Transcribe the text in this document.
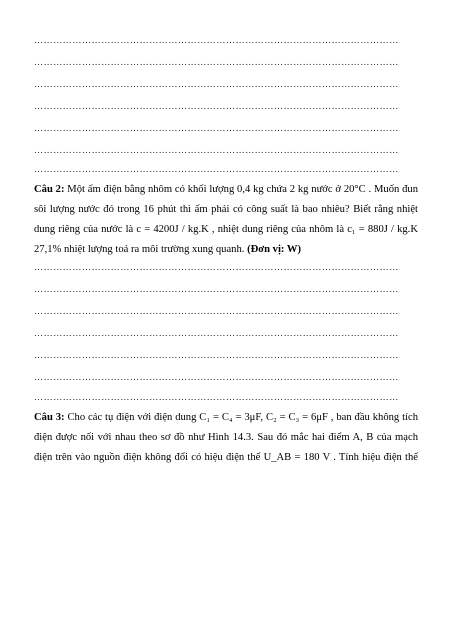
……………………………………………………………………………………………………
……………………………………………………………………………………………………
……………………………………………………………………………………………………
……………………………………………………………………………………………………
……………………………………………………………………………………………………
……………………………………………………………………………………………………
……………………………………………………………………………………………………
Câu 2: Một ấm điện bằng nhôm có khối lượng 0,4 kg chứa 2 kg nước ở 20°C . Muốn đun
sôi lượng nước đó trong 16 phút thì ấm phải có công suất là bao nhiêu? Biết rằng nhiệt
dung riêng của nước là c = 4200J / kg.K , nhiệt dung riêng của nhôm là c₁ = 880J / kg.K
27,1% nhiệt lượng toả ra môi trường xung quanh. (Đơn vị: W)
……………………………………………………………………………………………………
……………………………………………………………………………………………………
……………………………………………………………………………………………………
……………………………………………………………………………………………………
……………………………………………………………………………………………………
……………………………………………………………………………………………………
……………………………………………………………………………………………………
Câu 3: Cho các tụ điện với điện dung C₁ = C₄ = 3μF, C₂ = C₃ = 6μF , ban đầu không tích
điện được nối với nhau theo sơ đồ như Hình 14.3. Sau đó mắc hai điểm A, B của mạch
điện trên vào nguồn điện không đổi có hiệu điện thế U_AB = 180 V . Tính hiệu điện thế
